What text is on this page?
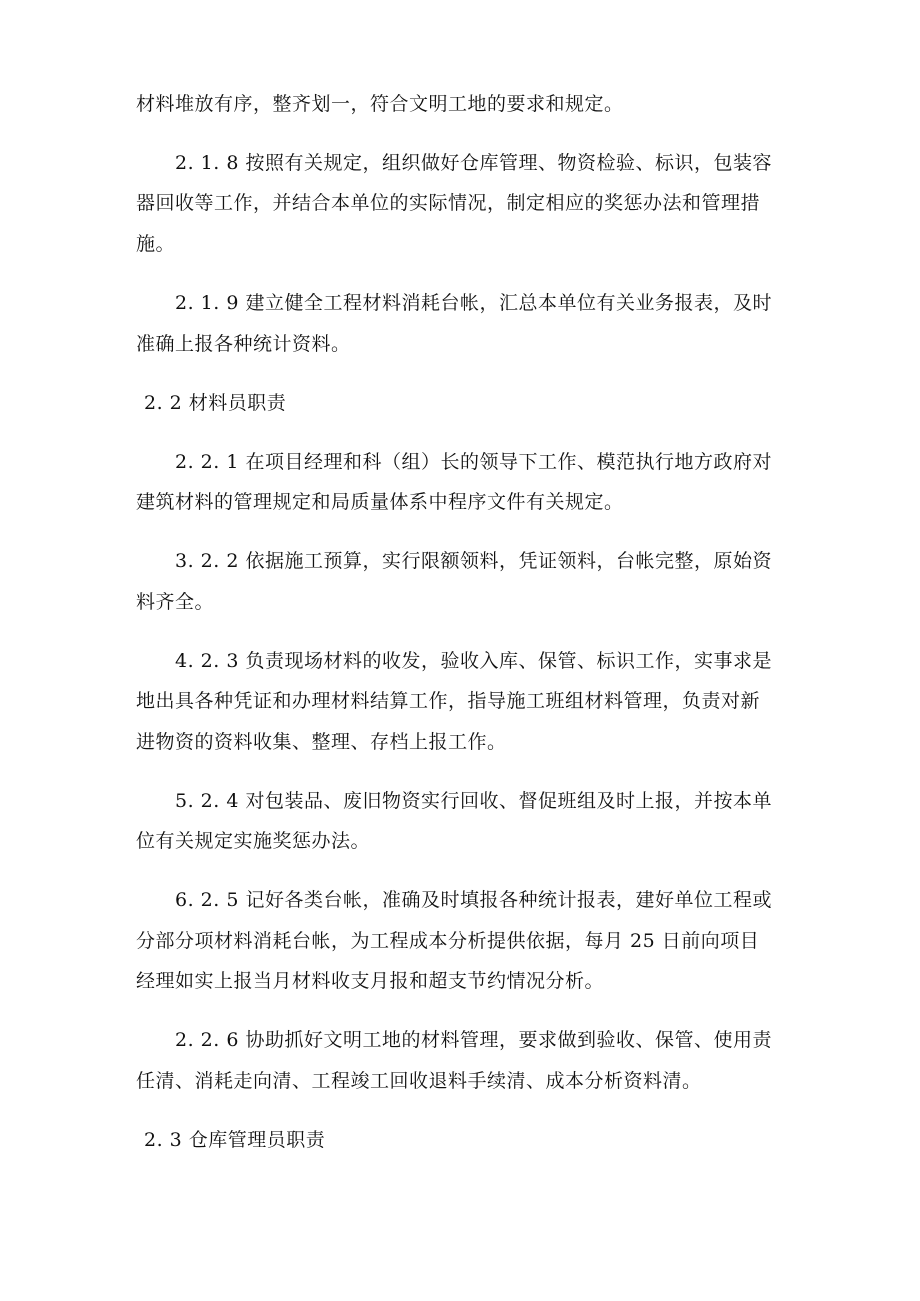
材料堆放有序，整齐划一，符合文明工地的要求和规定。
2. 1. 8 按照有关规定，组织做好仓库管理、物资检验、标识，包装容
器回收等工作，并结合本单位的实际情况，制定相应的奖惩办法和管理措
施。
2. 1. 9 建立健全工程材料消耗台帐，汇总本单位有关业务报表，及时
准确上报各种统计资料。
2. 2 材料员职责
2. 2. 1 在项目经理和科（组）长的领导下工作、模范执行地方政府对
建筑材料的管理规定和局质量体系中程序文件有关规定。
3. 2. 2 依据施工预算，实行限额领料，凭证领料，台帐完整，原始资
料齐全。
4. 2. 3 负责现场材料的收发，验收入库、保管、标识工作，实事求是
地出具各种凭证和办理材料结算工作，指导施工班组材料管理，负责对新
进物资的资料收集、整理、存档上报工作。
5. 2. 4 对包装品、废旧物资实行回收、督促班组及时上报，并按本单
位有关规定实施奖惩办法。
6. 2. 5 记好各类台帐，准确及时填报各种统计报表，建好单位工程或
分部分项材料消耗台帐，为工程成本分析提供依据，每月 25 日前向项目
经理如实上报当月材料收支月报和超支节约情况分析。
2. 2. 6 协助抓好文明工地的材料管理，要求做到验收、保管、使用责
任清、消耗走向清、工程竣工回收退料手续清、成本分析资料清。
2. 3 仓库管理员职责
